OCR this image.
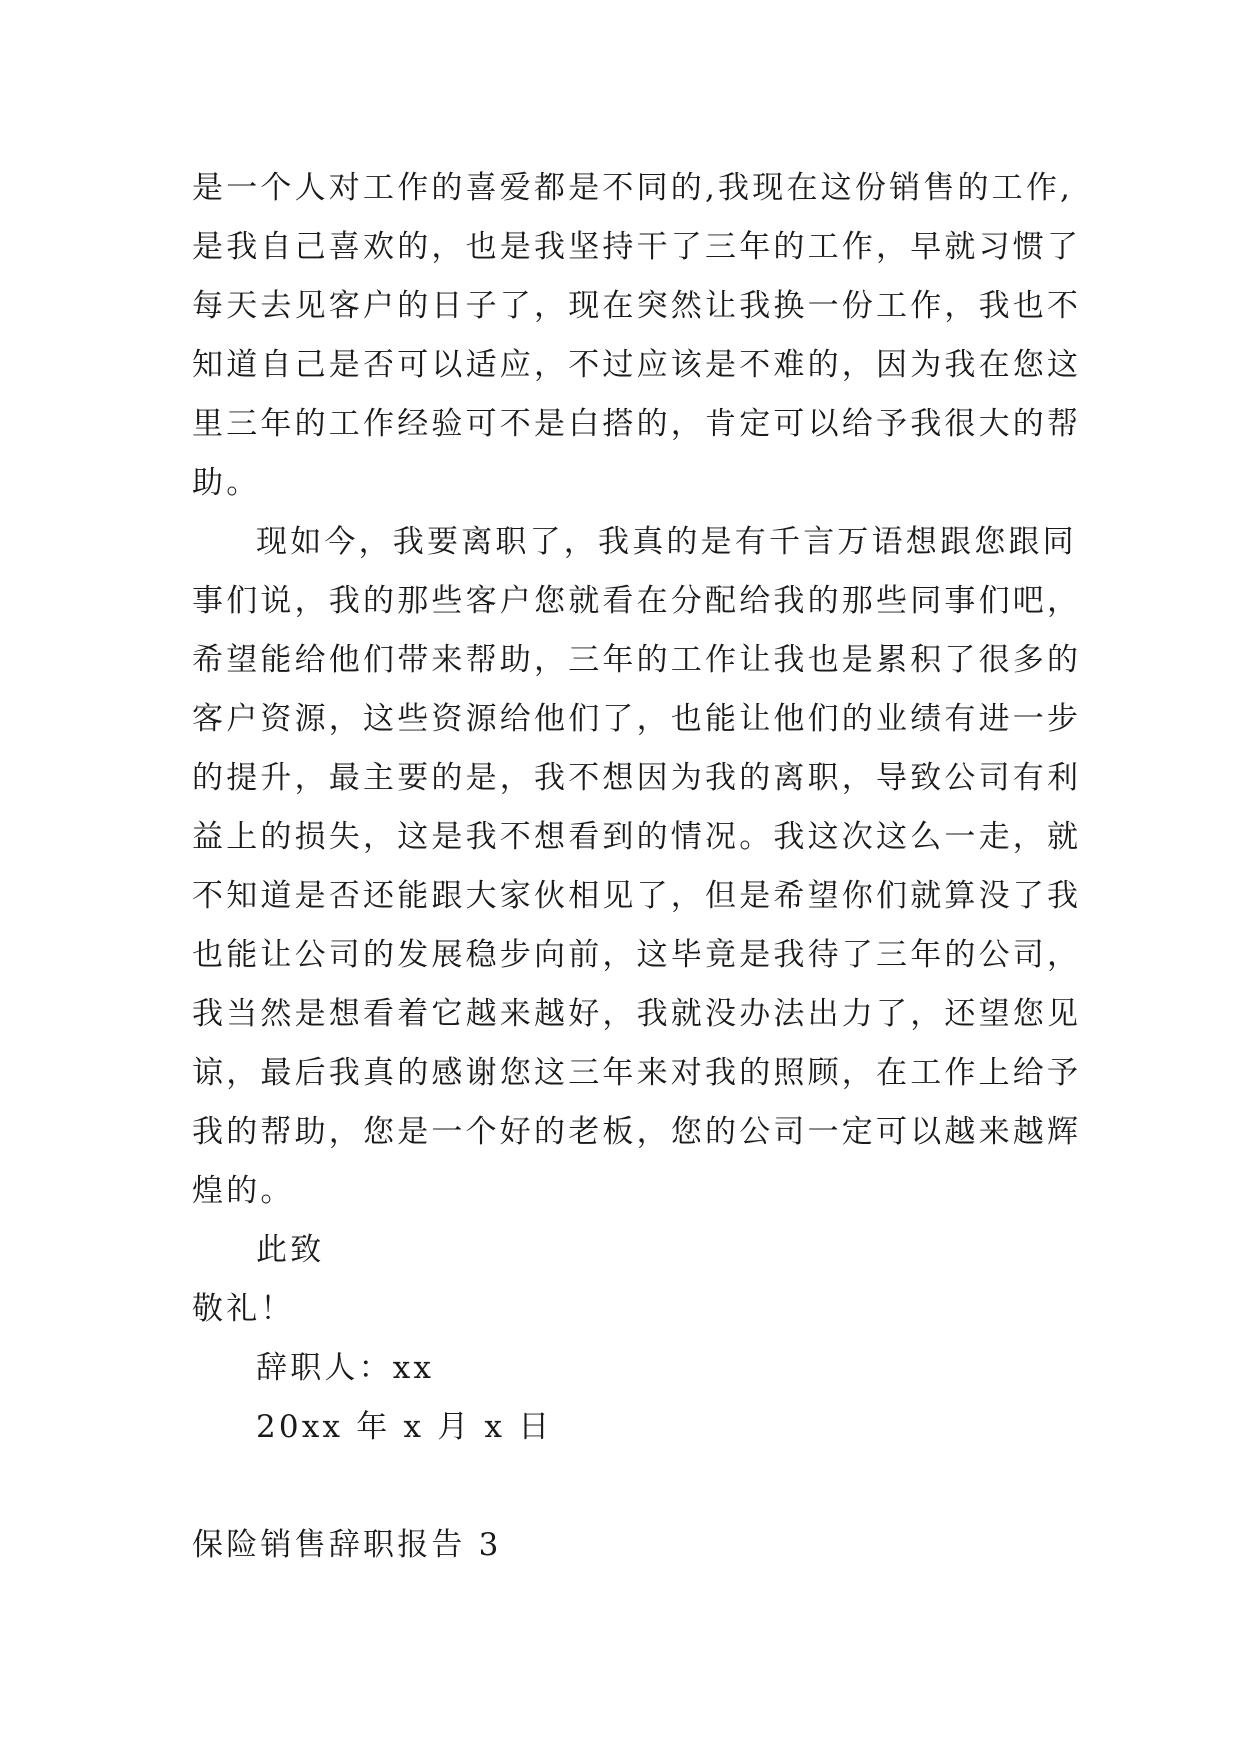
是一个人对工作的喜爱都是不同的,我现在这份销售的工作,
是我自己喜欢的，也是我坚持干了三年的工作，早就习惯了
每天去见客户的日子了，现在突然让我换一份工作，我也不
知道自己是否可以适应，不过应该是不难的，因为我在您这
里三年的工作经验可不是白搭的，肯定可以给予我很大的帮
助。
现如今，我要离职了，我真的是有千言万语想跟您跟同
事们说，我的那些客户您就看在分配给我的那些同事们吧，
希望能给他们带来帮助，三年的工作让我也是累积了很多的
客户资源，这些资源给他们了，也能让他们的业绩有进一步
的提升，最主要的是，我不想因为我的离职，导致公司有利
益上的损失，这是我不想看到的情况。我这次这么一走，就
不知道是否还能跟大家伙相见了，但是希望你们就算没了我
也能让公司的发展稳步向前，这毕竟是我待了三年的公司，
我当然是想看着它越来越好，我就没办法出力了，还望您见
谅，最后我真的感谢您这三年来对我的照顾，在工作上给予
我的帮助，您是一个好的老板，您的公司一定可以越来越辉
煌的。
此致
敬礼！
辞职人：xx
20xx 年 x 月 x 日
保险销售辞职报告 3
